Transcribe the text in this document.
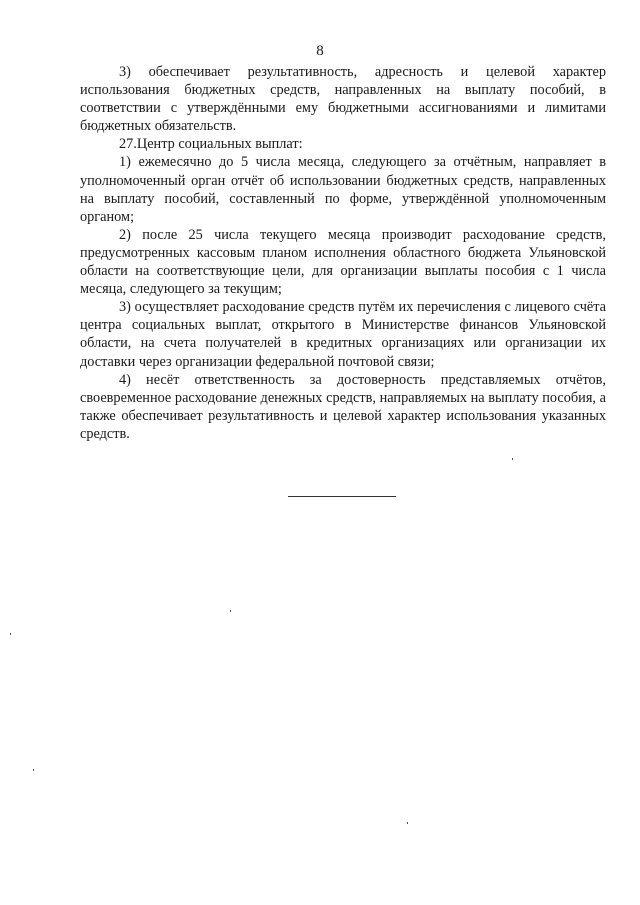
8

3) обеспечивает результативность, адресность и целевой характер использования бюджетных средств, направленных на выплату пособий, в соответствии с утверждёнными ему бюджетными ассигнованиями и лимитами бюджетных обязательств.

27.Центр социальных выплат:

1) ежемесячно до 5 числа месяца, следующего за отчётным, направляет в уполномоченный орган отчёт об использовании бюджетных средств, направленных на выплату пособий, составленный по форме, утверждённой уполномоченным органом;

2) после 25 числа текущего месяца производит расходование средств, предусмотренных кассовым планом исполнения областного бюджета Ульяновской области на соответствующие цели, для организации выплаты пособия с 1 числа месяца, следующего за текущим;

3) осуществляет расходование средств путём их перечисления с лицевого счёта центра социальных выплат, открытого в Министерстве финансов Ульяновской области, на счета получателей в кредитных организациях или организации их доставки через организации федеральной почтовой связи;

4) несёт ответственность за достоверность представляемых отчётов, своевременное расходование денежных средств, направляемых на выплату пособия, а также обеспечивает результативность и целевой характер использования указанных средств.
